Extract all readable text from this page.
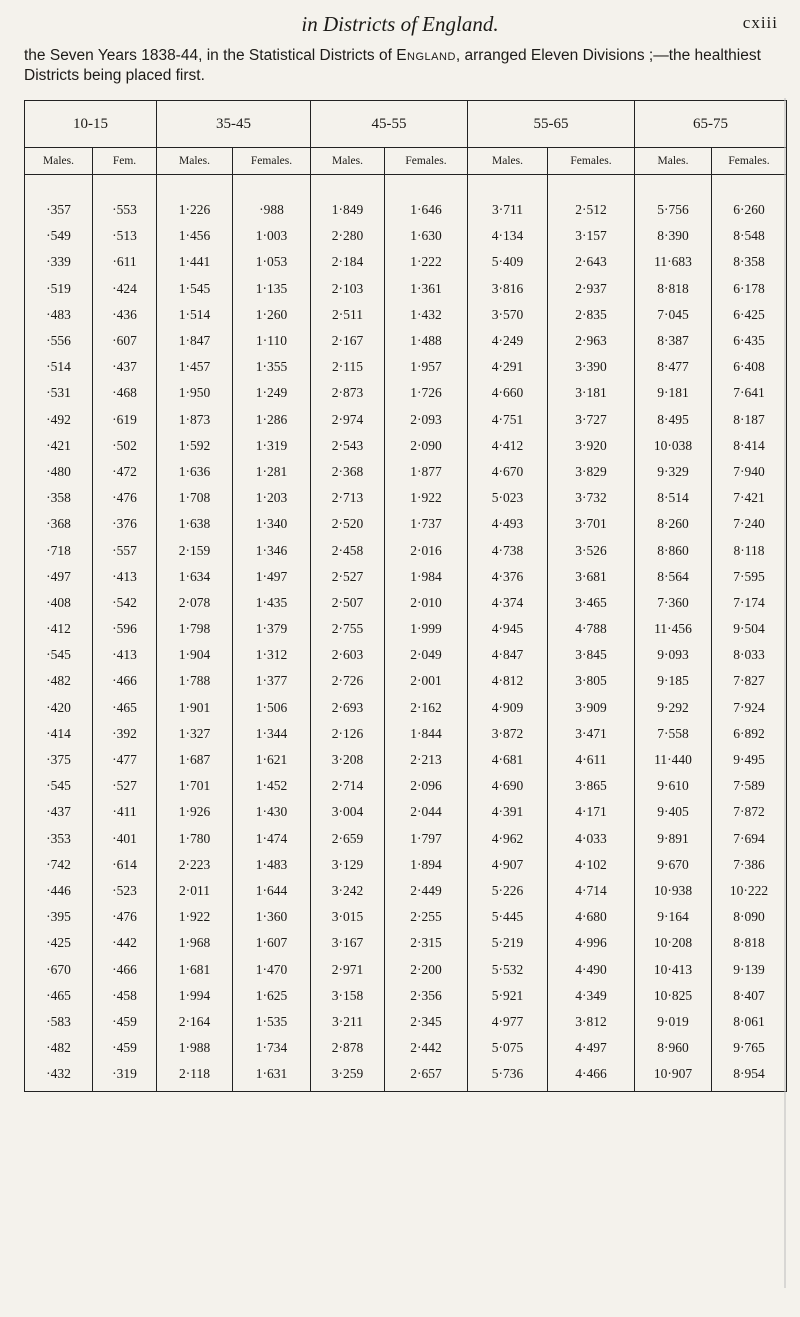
in Districts of England.	cxiii
the Seven Years 1838-44, in the Statistical Districts of England, arranged Eleven Divisions ;—the healthiest Districts being placed first.
10-15		35-45		45-55		55-65		65-75	
Males.	Fem.	Males.	Females.	Males.	Females.	Males.	Females.	Males.	Females.
·357	·553	1·226	·988	1·849	1·646	3·711	2·512	5·756	6·260
·549	·513	1·456	1·003	2·280	1·630	4·134	3·157	8·390	8·548
·339	·611	1·441	1·053	2·184	1·222	5·409	2·643	11·683	8·358
·519	·424	1·545	1·135	2·103	1·361	3·816	2·937	8·818	6·178
·483	·436	1·514	1·260	2·511	1·432	3·570	2·835	7·045	6·425
·556	·607	1·847	1·110	2·167	1·488	4·249	2·963	8·387	6·435
·514	·437	1·457	1·355	2·115	1·957	4·291	3·390	8·477	6·408
·531	·468	1·950	1·249	2·873	1·726	4·660	3·181	9·181	7·641
·492	·619	1·873	1·286	2·974	2·093	4·751	3·727	8·495	8·187
·421	·502	1·592	1·319	2·543	2·090	4·412	3·920	10·038	8·414
·480	·472	1·636	1·281	2·368	1·877	4·670	3·829	9·329	7·940
·358	·476	1·708	1·203	2·713	1·922	5·023	3·732	8·514	7·421
·368	·376	1·638	1·340	2·520	1·737	4·493	3·701	8·260	7·240
·718	·557	2·159	1·346	2·458	2·016	4·738	3·526	8·860	8·118
·497	·413	1·634	1·497	2·527	1·984	4·376	3·681	8·564	7·595
·408	·542	2·078	1·435	2·507	2·010	4·374	3·465	7·360	7·174
·412	·596	1·798	1·379	2·755	1·999	4·945	4·788	11·456	9·504
·545	·413	1·904	1·312	2·603	2·049	4·847	3·845	9·093	8·033
·482	·466	1·788	1·377	2·726	2·001	4·812	3·805	9·185	7·827
·420	·465	1·901	1·506	2·693	2·162	4·909	3·909	9·292	7·924
·414	·392	1·327	1·344	2·126	1·844	3·872	3·471	7·558	6·892
·375	·477	1·687	1·621	3·208	2·213	4·681	4·611	11·440	9·495
·545	·527	1·701	1·452	2·714	2·096	4·690	3·865	9·610	7·589
·437	·411	1·926	1·430	3·004	2·044	4·391	4·171	9·405	7·872
·353	·401	1·780	1·474	2·659	1·797	4·962	4·033	9·891	7·694
·742	·614	2·223	1·483	3·129	1·894	4·907	4·102	9·670	7·386
·446	·523	2·011	1·644	3·242	2·449	5·226	4·714	10·938	10·222
·395	·476	1·922	1·360	3·015	2·255	5·445	4·680	9·164	8·090
·425	·442	1·968	1·607	3·167	2·315	5·219	4·996	10·208	8·818
·670	·466	1·681	1·470	2·971	2·200	5·532	4·490	10·413	9·139
·465	·458	1·994	1·625	3·158	2·356	5·921	4·349	10·825	8·407
·583	·459	2·164	1·535	3·211	2·345	4·977	3·812	9·019	8·061
·482	·459	1·988	1·734	2·878	2·442	5·075	4·497	8·960	9·765
·432	·319	2·118	1·631	3·259	2·657	5·736	4·466	10·907	8·954
